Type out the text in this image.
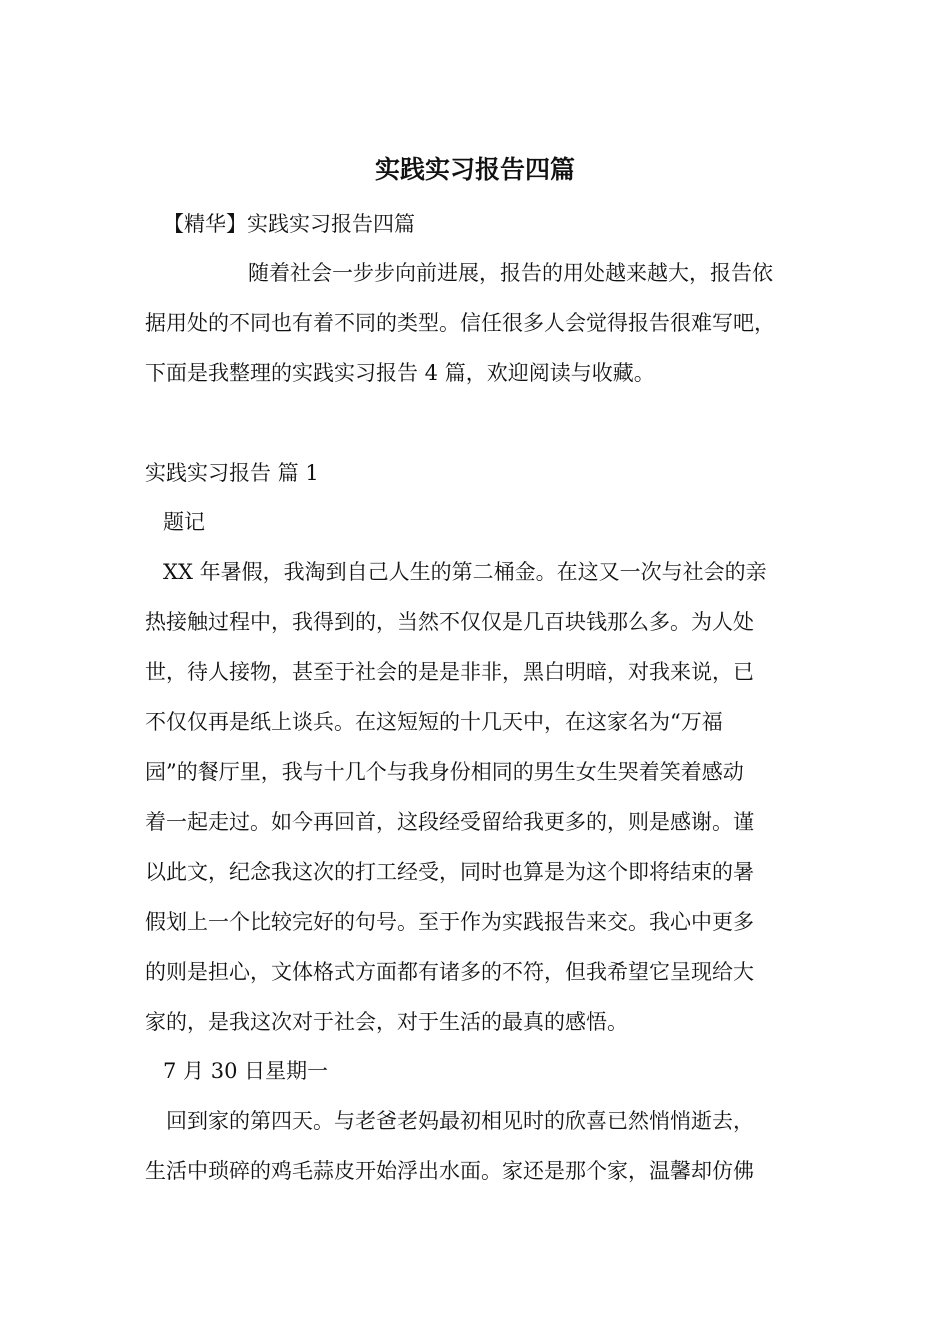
实践实习报告四篇
【精华】实践实习报告四篇
随着社会一步步向前进展，报告的用处越来越大，报告依
据用处的不同也有着不同的类型。信任很多人会觉得报告很难写吧，
下面是我整理的实践实习报告 4 篇，欢迎阅读与收藏。
实践实习报告 篇 1
题记
XX 年暑假，我淘到自己人生的第二桶金。在这又一次与社会的亲
热接触过程中，我得到的，当然不仅仅是几百块钱那么多。为人处
世，待人接物，甚至于社会的是是非非，黑白明暗，对我来说，已
不仅仅再是纸上谈兵。在这短短的十几天中，在这家名为“万福
园”的餐厅里，我与十几个与我身份相同的男生女生哭着笑着感动
着一起走过。如今再回首，这段经受留给我更多的，则是感谢。谨
以此文，纪念我这次的打工经受，同时也算是为这个即将结束的暑
假划上一个比较完好的句号。至于作为实践报告来交。我心中更多
的则是担心，文体格式方面都有诸多的不符，但我希望它呈现给大
家的，是我这次对于社会，对于生活的最真的感悟。
7 月 30 日星期一
回到家的第四天。与老爸老妈最初相见时的欣喜已然悄悄逝去，
生活中琐碎的鸡毛蒜皮开始浮出水面。家还是那个家，温馨却仿佛
